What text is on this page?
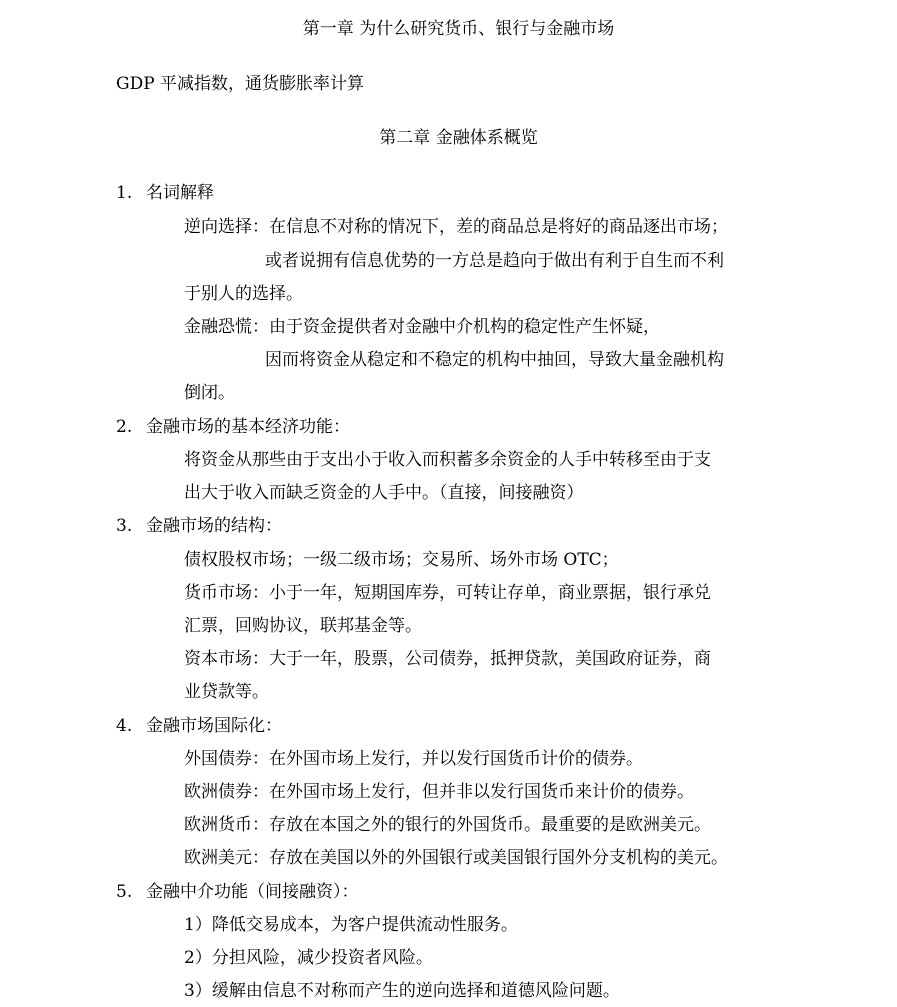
第一章 为什么研究货币、银行与金融市场
GDP 平减指数，通货膨胀率计算
第二章 金融体系概览
1. 名词解释
逆向选择：在信息不对称的情况下，差的商品总是将好的商品逐出市场；
或者说拥有信息优势的一方总是趋向于做出有利于自生而不利
于别人的选择。
金融恐慌：由于资金提供者对金融中介机构的稳定性产生怀疑，
因而将资金从稳定和不稳定的机构中抽回，导致大量金融机构
倒闭。
2. 金融市场的基本经济功能：
将资金从那些由于支出小于收入而积蓄多余资金的人手中转移至由于支
出大于收入而缺乏资金的人手中。（直接，间接融资）
3. 金融市场的结构：
债权股权市场；一级二级市场；交易所、场外市场 OTC；
货币市场：小于一年，短期国库券，可转让存单，商业票据，银行承兑
汇票，回购协议，联邦基金等。
资本市场：大于一年，股票，公司债券，抵押贷款，美国政府证券，商
业贷款等。
4. 金融市场国际化：
外国债券：在外国市场上发行，并以发行国货币计价的债券。
欧洲债券：在外国市场上发行，但并非以发行国货币来计价的债券。
欧洲货币：存放在本国之外的银行的外国货币。最重要的是欧洲美元。
欧洲美元：存放在美国以外的外国银行或美国银行国外分支机构的美元。
5. 金融中介功能（间接融资）：
1）降低交易成本，为客户提供流动性服务。
2）分担风险，减少投资者风险。
3）缓解由信息不对称而产生的逆向选择和道德风险问题。
